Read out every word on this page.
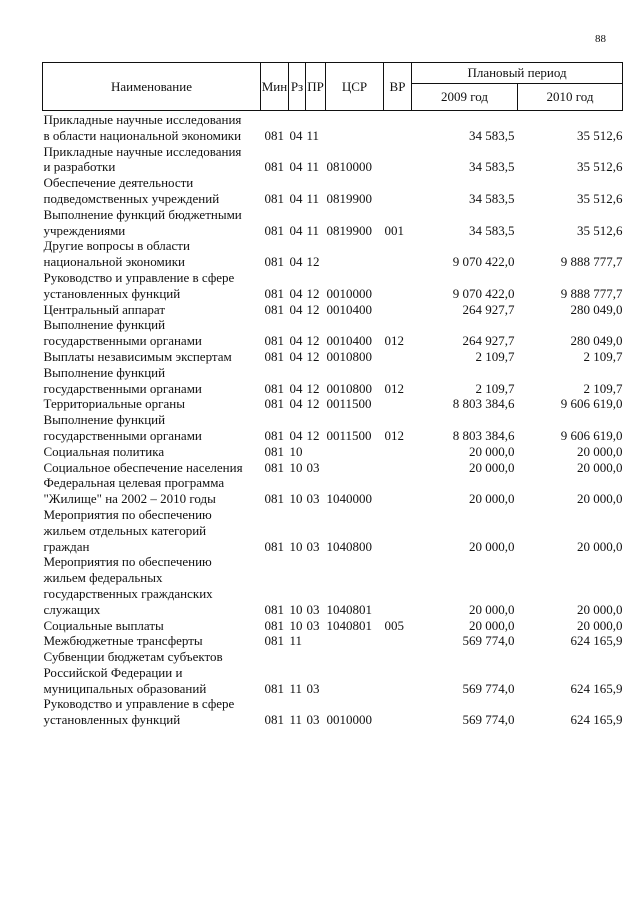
88
Наименование	Мин	Рз	ПР	ЦСР	ВР	Плановый период	
						2009 год	2010 год

Прикладные научные исследования
в области национальной экономики	081	04	11			34 583,5	35 512,6

Прикладные научные исследования
и разработки	081	04	11	0810000		34 583,5	35 512,6

Обеспечение деятельности
подведомственных учреждений	081	04	11	0819900		34 583,5	35 512,6

Выполнение функций бюджетными
учреждениями	081	04	11	0819900	001	34 583,5	35 512,6

Другие вопросы в области
национальной экономики	081	04	12			9 070 422,0	9 888 777,7

Руководство и управление в сфере
установленных функций	081	04	12	0010000		9 070 422,0	9 888 777,7

Центральный аппарат	081	04	12	0010400		264 927,7	280 049,0

Выполнение функций
государственными органами	081	04	12	0010400	012	264 927,7	280 049,0

Выплаты независимым экспертам	081	04	12	0010800		2 109,7	2 109,7

Выполнение функций
государственными органами	081	04	12	0010800	012	2 109,7	2 109,7

Территориальные органы	081	04	12	0011500		8 803 384,6	9 606 619,0

Выполнение функций
государственными органами	081	04	12	0011500	012	8 803 384,6	9 606 619,0

Социальная политика	081	10				20 000,0	20 000,0

Социальное обеспечение населения	081	10	03			20 000,0	20 000,0

Федеральная целевая программа
"Жилище" на 2002 – 2010 годы	081	10	03	1040000		20 000,0	20 000,0

Мероприятия по обеспечению
жильем отдельных категорий
граждан	081	10	03	1040800		20 000,0	20 000,0

Мероприятия по обеспечению
жильем федеральных
государственных гражданских
служащих	081	10	03	1040801		20 000,0	20 000,0

Социальные выплаты	081	10	03	1040801	005	20 000,0	20 000,0

Межбюджетные трансферты	081	11				569 774,0	624 165,9

Субвенции бюджетам субъектов
Российской Федерации и
муниципальных образований	081	11	03			569 774,0	624 165,9

Руководство и управление в сфере
установленных функций	081	11	03	0010000		569 774,0	624 165,9
